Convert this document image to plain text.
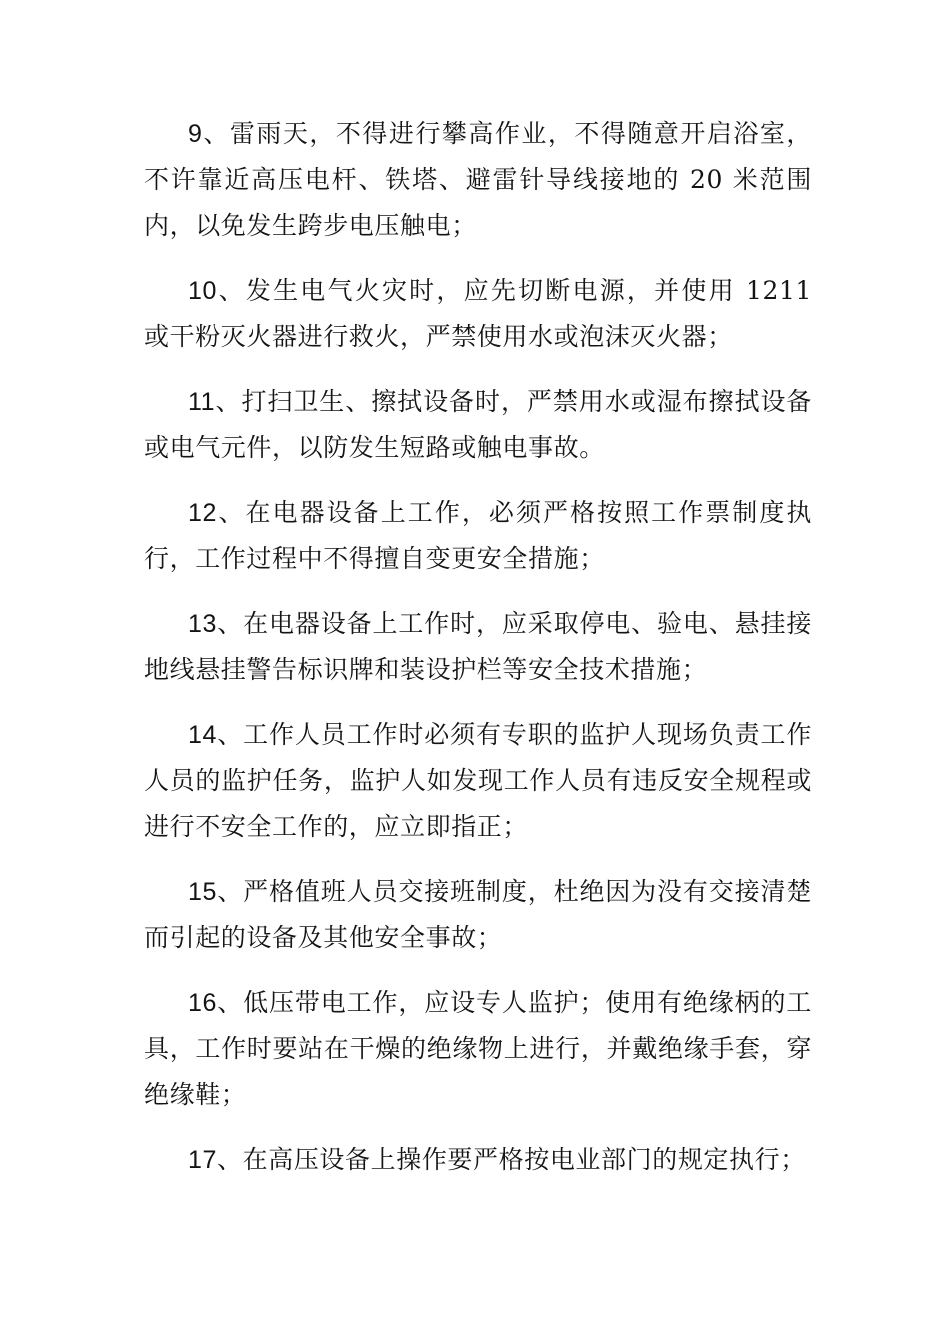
9、雷雨天，不得进行攀高作业，不得随意开启浴室，不许靠近高压电杆、铁塔、避雷针导线接地的 20 米范围内，以免发生跨步电压触电；

10、发生电气火灾时，应先切断电源，并使用 1211 或干粉灭火器进行救火，严禁使用水或泡沫灭火器；

11、打扫卫生、擦拭设备时，严禁用水或湿布擦拭设备或电气元件，以防发生短路或触电事故。

12、在电器设备上工作，必须严格按照工作票制度执行，工作过程中不得擅自变更安全措施；

13、在电器设备上工作时，应采取停电、验电、悬挂接地线悬挂警告标识牌和装设护栏等安全技术措施；

14、工作人员工作时必须有专职的监护人现场负责工作人员的监护任务，监护人如发现工作人员有违反安全规程或进行不安全工作的，应立即指正；

15、严格值班人员交接班制度，杜绝因为没有交接清楚而引起的设备及其他安全事故；

16、低压带电工作，应设专人监护；使用有绝缘柄的工具，工作时要站在干燥的绝缘物上进行，并戴绝缘手套，穿绝缘鞋；

17、在高压设备上操作要严格按电业部门的规定执行；
